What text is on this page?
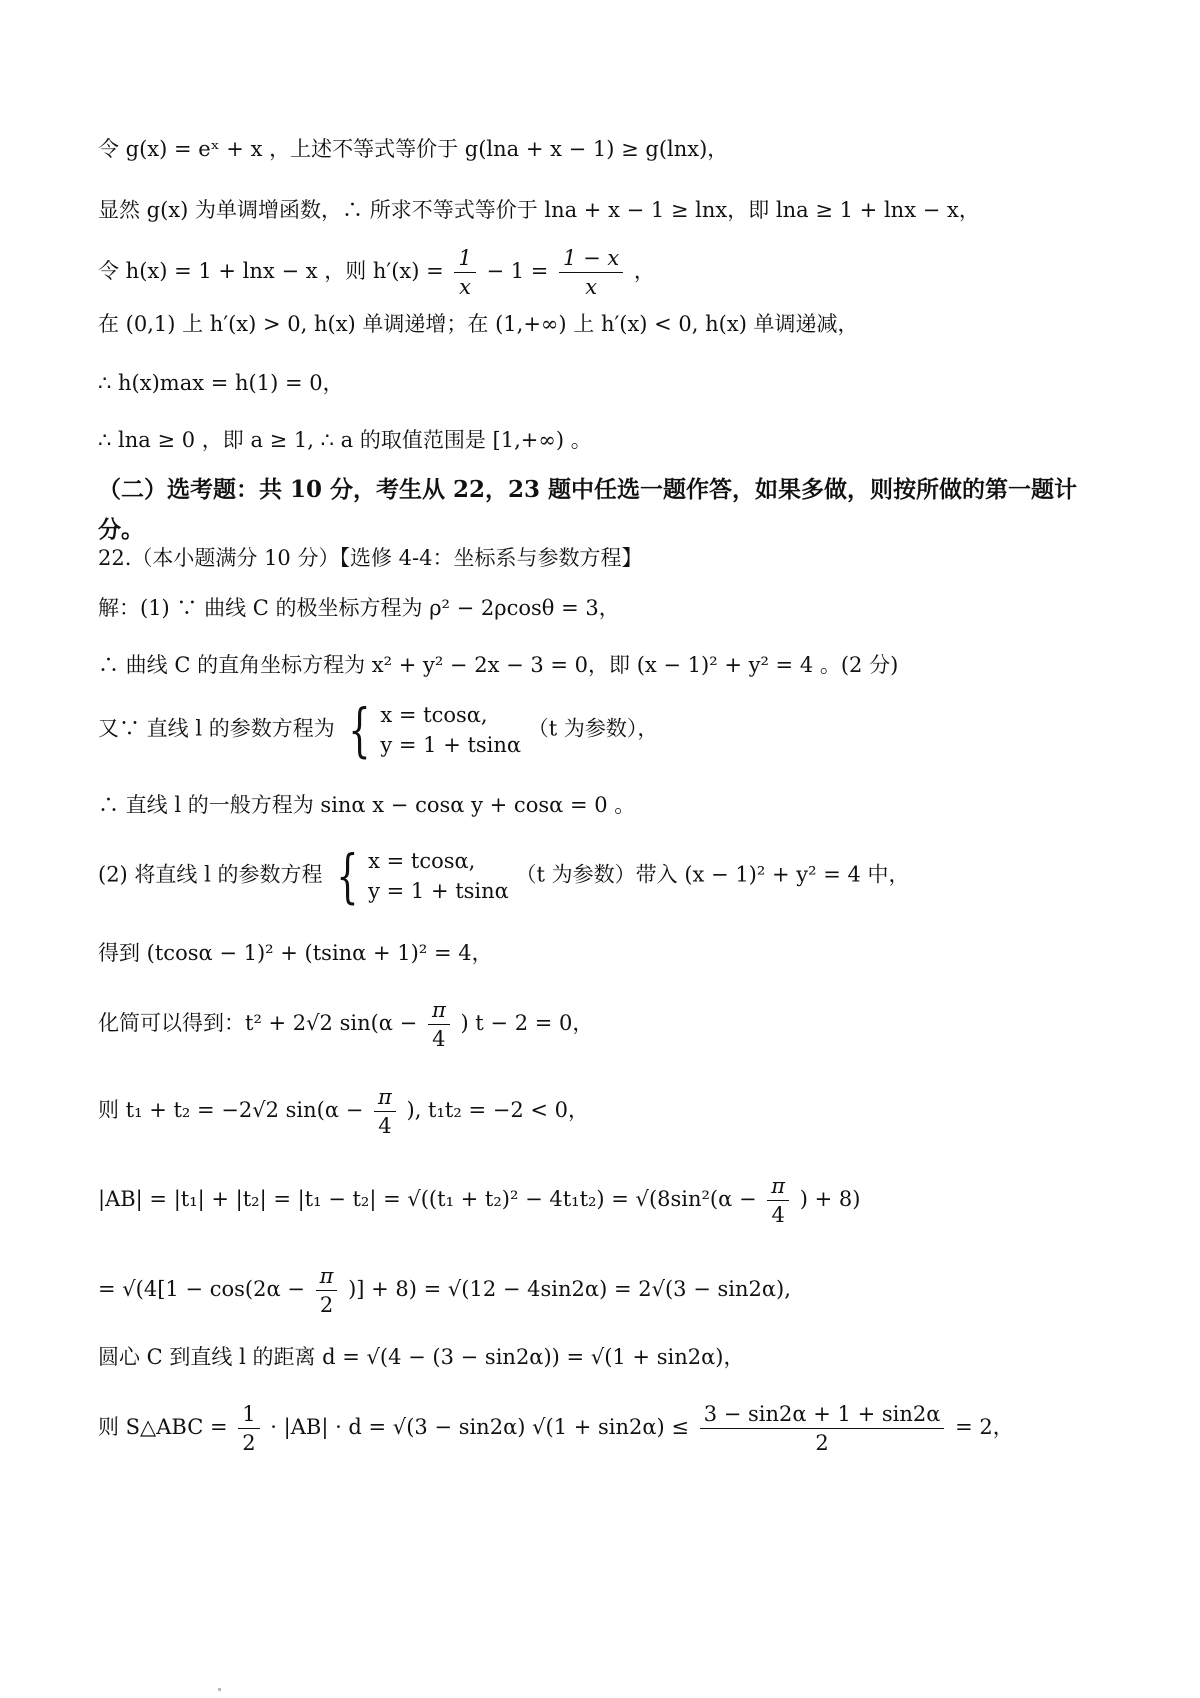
令 g(x) = eˣ + x ，上述不等式等价于 g(lna + x − 1) ≥ g(lnx)，
显然 g(x) 为单调增函数，∴ 所求不等式等价于 lna + x − 1 ≥ lnx，即 lna ≥ 1 + lnx − x，
令 h(x) = 1 + lnx − x ，则 $h'(x) = \frac{1}{x} - 1 = \frac{1 - x}{x}$ ，
在 (0,1) 上 h′(x) > 0, h(x) 单调递增；在 (1,+∞) 上 h′(x) < 0, h(x) 单调递减，
∴ h(x)max = h(1) = 0，
∴ lna ≥ 0 ，即 a ≥ 1, ∴ a 的取值范围是 [1,+∞) 。
（二）选考题：共 10 分，考生从 22，23 题中任选一题作答，如果多做，则按所做的第一题计分。
22.（本小题满分 10 分）【选修 4-4：坐标系与参数方程】
解：(1) ∵ 曲线 C 的极坐标方程为 ρ² − 2ρcosθ = 3，
∴ 曲线 C 的直角坐标方程为 x² + y² − 2x − 3 = 0，即 (x − 1)² + y² = 4 。(2 分)
又∵ 直线 l 的参数方程为 { x = tcosα,
y = 1 + tsinα
（t 为参数），
∴ 直线 l 的一般方程为 sinα x − cosα y + cosα = 0 。
(2) 将直线 l 的参数方程 { x = tcosα,
y = 1 + tsinα
（t 为参数）带入 (x − 1)² + y² = 4 中，
得到 (tcosα − 1)² + (tsinα + 1)² = 4，
化简可以得到：t² + 2√2 $\sin(\alpha - \frac{\pi}{4}$ ) t − 2 = 0，
则 t₁ + t₂ = −2√2 $\sin(\alpha - \frac{\pi}{4}$ ), t₁t₂ = −2 < 0，
$|AB| = |t_1| + |t_2| = |t_1 - t_2| = √((t_1 + t_2)^2 - 4t_1t_2) = √(8\sin^2(\alpha - \frac{\pi}{4}$ ) + 8)
= $√(4[1 - \cos(2\alpha - \frac{\pi}{2}$ )] + 8) = √(12 − 4sin2α) = 2√(3 − sin2α),
圆心 C 到直线 l 的距离 d = √(4 − (3 − sin2α)) = √(1 + sin2α)，
则 S△ABC = $\frac{1}{2} \cdot |AB| \cdot d = √(3 - \sin 2\alpha) √(1 + \sin 2\alpha) \le \frac{3 - \sin 2\alpha + 1 + \sin 2\alpha}{2} = 2$，
